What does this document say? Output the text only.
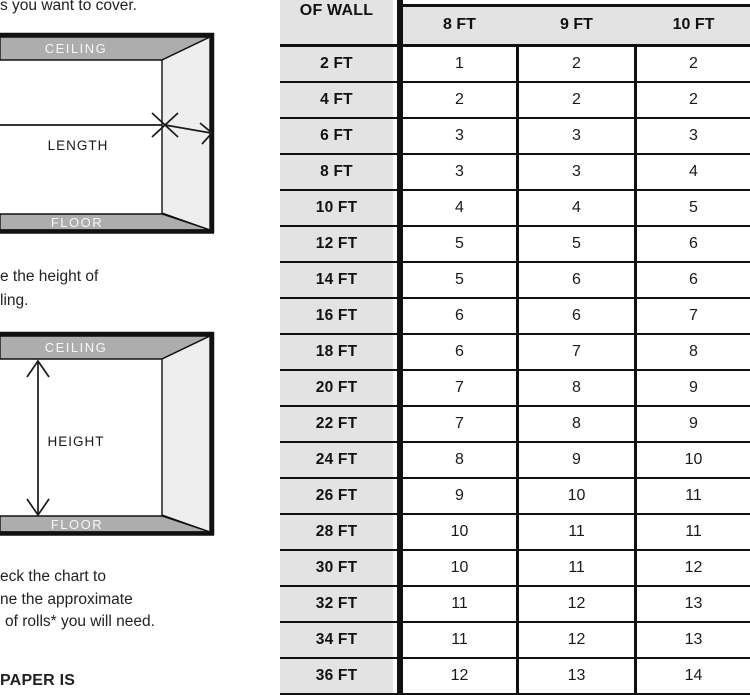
s you want to cover.
CEILING
LENGTH
FLOOR
e the height of
ling.
CEILING
HEIGHT
FLOOR
eck the chart to
ne the approximate
of rolls* you will need.
PAPER IS
OF WALL
8 FT	9 FT	10 FT
2 FT	1	2	2
4 FT	2	2	2
6 FT	3	3	3
8 FT	3	3	4
10 FT	4	4	5
12 FT	5	5	6
14 FT	5	6	6
16 FT	6	6	7
18 FT	6	7	8
20 FT	7	8	9
22 FT	7	8	9
24 FT	8	9	10
26 FT	9	10	11
28 FT	10	11	11
30 FT	10	11	12
32 FT	11	12	13
34 FT	11	12	13
36 FT	12	13	14
